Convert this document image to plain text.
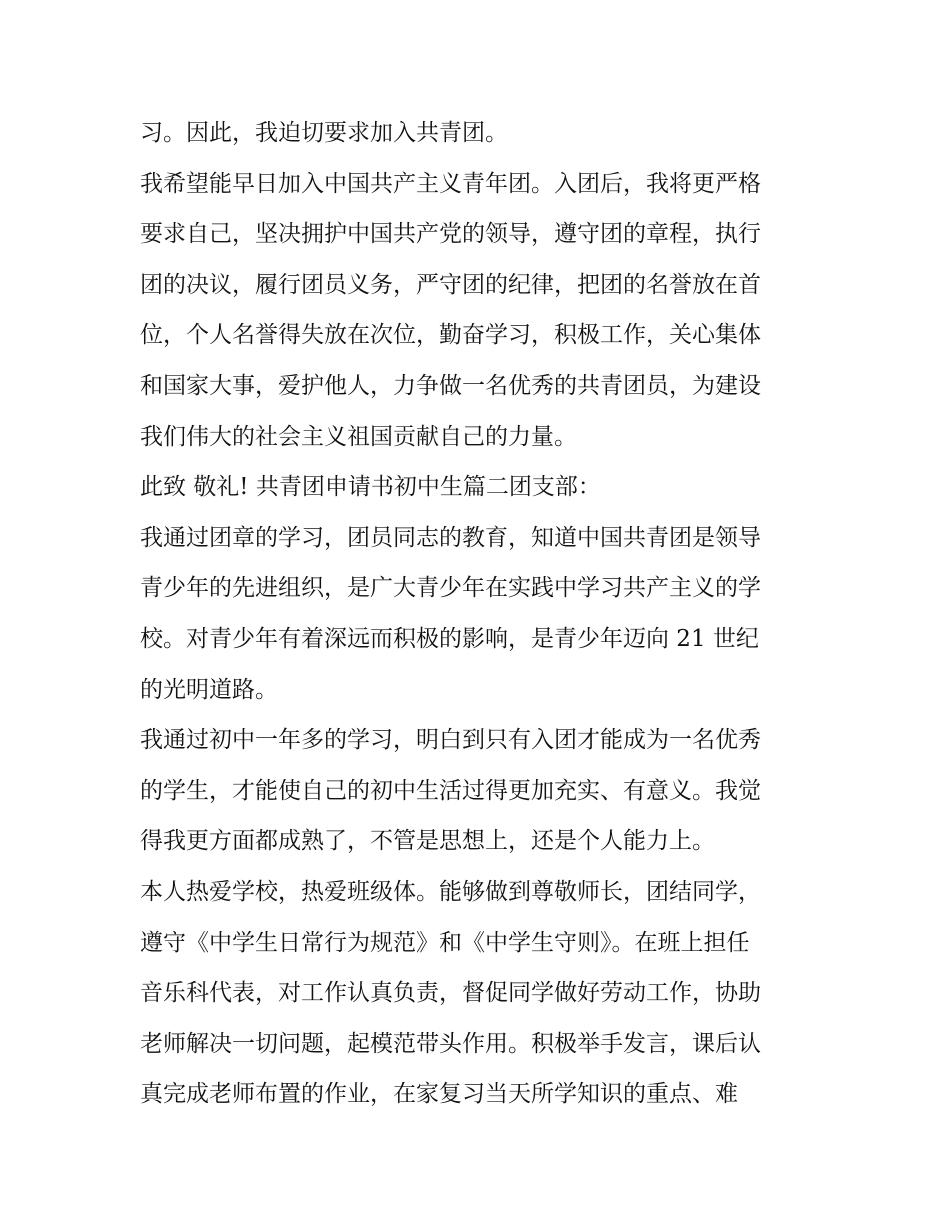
习。因此，我迫切要求加入共青团。
我希望能早日加入中国共产主义青年团。入团后，我将更严格
要求自己，坚决拥护中国共产党的领导，遵守团的章程，执行
团的决议，履行团员义务，严守团的纪律，把团的名誉放在首
位，个人名誉得失放在次位，勤奋学习，积极工作，关心集体
和国家大事，爱护他人，力争做一名优秀的共青团员，为建设
我们伟大的社会主义祖国贡献自己的力量。
此致 敬礼! 共青团申请书初中生篇二团支部：
我通过团章的学习，团员同志的教育，知道中国共青团是领导
青少年的先进组织，是广大青少年在实践中学习共产主义的学
校。对青少年有着深远而积极的影响，是青少年迈向 21 世纪
的光明道路。
我通过初中一年多的学习，明白到只有入团才能成为一名优秀
的学生，才能使自己的初中生活过得更加充实、有意义。我觉
得我更方面都成熟了，不管是思想上，还是个人能力上。
本人热爱学校，热爱班级体。能够做到尊敬师长，团结同学，
遵守《中学生日常行为规范》和《中学生守则》。在班上担任
音乐科代表，对工作认真负责，督促同学做好劳动工作，协助
老师解决一切问题，起模范带头作用。积极举手发言，课后认
真完成老师布置的作业，在家复习当天所学知识的重点、难
